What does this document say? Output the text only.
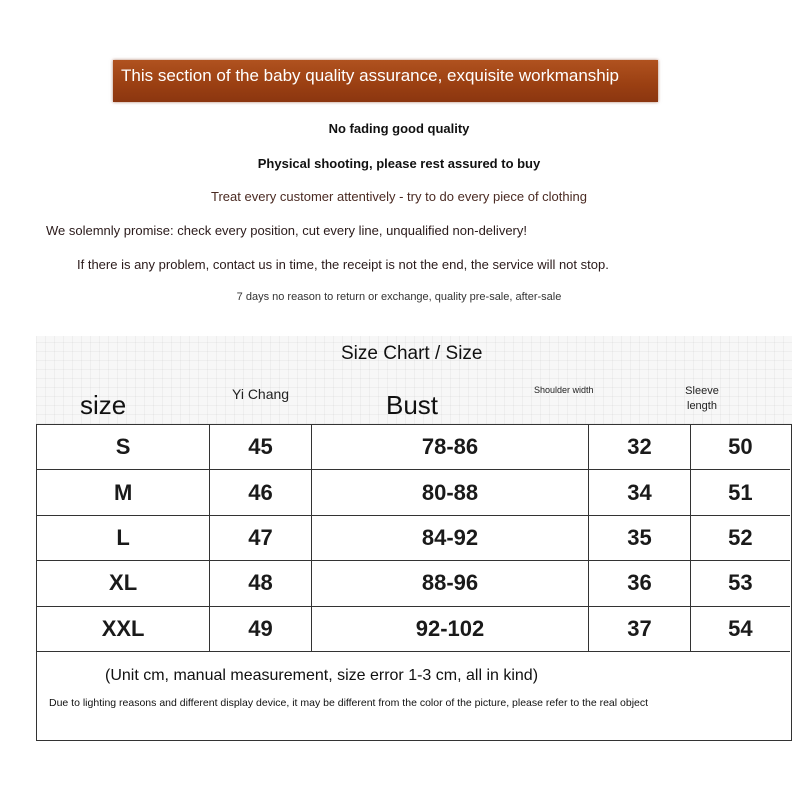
This section of the baby quality assurance, exquisite workmanship
No fading good quality
Physical shooting, please rest assured to buy
Treat every customer attentively - try to do every piece of clothing
We solemnly promise: check every position, cut every line, unqualified non-delivery!
If there is any problem, contact us in time, the receipt is not the end, the service will not stop.
7 days no reason to return or exchange, quality pre-sale, after-sale
Size Chart / Size
size	Yi Chang	Bust	Shoulder width	Sleeve length
S	45	78-86	32	50
M	46	80-88	34	51
L	47	84-92	35	52
XL	48	88-96	36	53
XXL	49	92-102	37	54
(Unit cm, manual measurement, size error 1-3 cm, all in kind)
Due to lighting reasons and different display device, it may be different from the color of the picture, please refer to the real object
